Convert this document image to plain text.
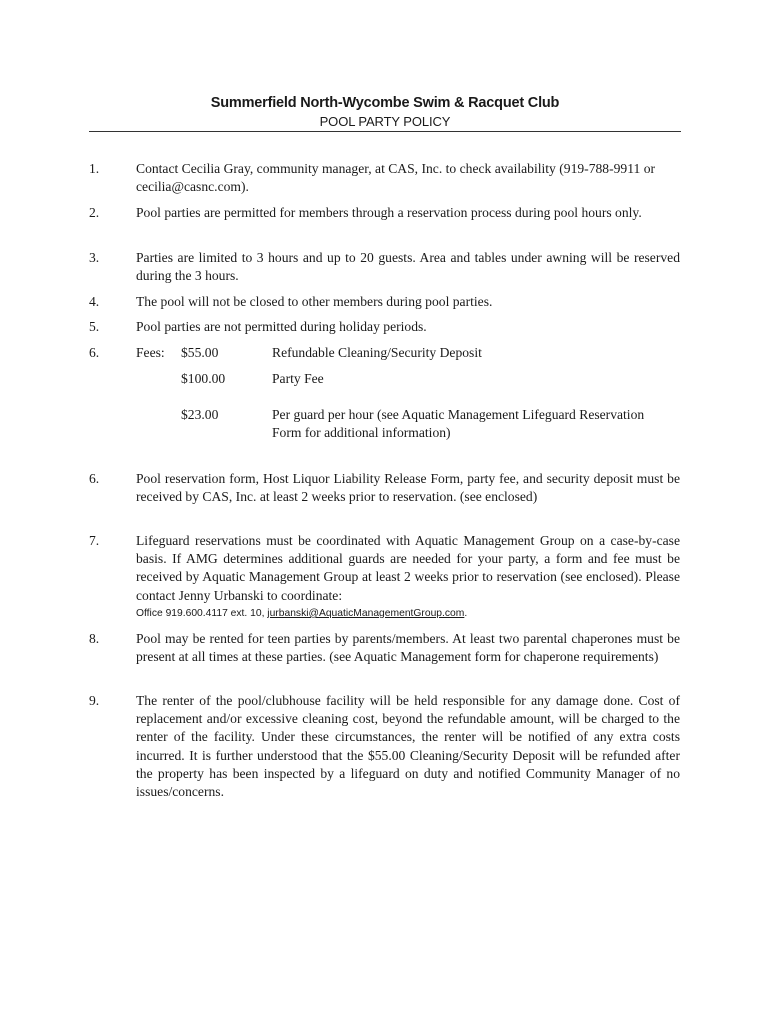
Summerfield North-Wycombe Swim & Racquet Club
POOL PARTY POLICY
1.	Contact Cecilia Gray, community manager, at CAS, Inc. to check availability (919-788-9911 or cecilia@casnc.com).
2.	Pool parties are permitted for members through a reservation process during pool hours only.
3.	Parties are limited to 3 hours and up to 20 guests. Area and tables under awning will be reserved during the 3 hours.
4.	The pool will not be closed to other members during pool parties.
5.	Pool parties are not permitted during holiday periods.
6.	Fees: $55.00	Refundable Cleaning/Security Deposit
$100.00	Party Fee
$23.00	Per guard per hour (see Aquatic Management Lifeguard Reservation Form for additional information)
6.	Pool reservation form, Host Liquor Liability Release Form, party fee, and security deposit must be received by CAS, Inc. at least 2 weeks prior to reservation. (see enclosed)
7.	Lifeguard reservations must be coordinated with Aquatic Management Group on a case-by-case basis. If AMG determines additional guards are needed for your party, a form and fee must be received by Aquatic Management Group at least 2 weeks prior to reservation (see enclosed). Please contact Jenny Urbanski to coordinate:
Office 919.600.4117 ext. 10, jurbanski@AquaticManagementGroup.com.
8.	Pool may be rented for teen parties by parents/members. At least two parental chaperones must be present at all times at these parties. (see Aquatic Management form for chaperone requirements)
9.	The renter of the pool/clubhouse facility will be held responsible for any damage done. Cost of replacement and/or excessive cleaning cost, beyond the refundable amount, will be charged to the renter of the facility. Under these circumstances, the renter will be notified of any extra costs incurred. It is further understood that the $55.00 Cleaning/Security Deposit will be refunded after the property has been inspected by a lifeguard on duty and notified Community Manager of no issues/concerns.
